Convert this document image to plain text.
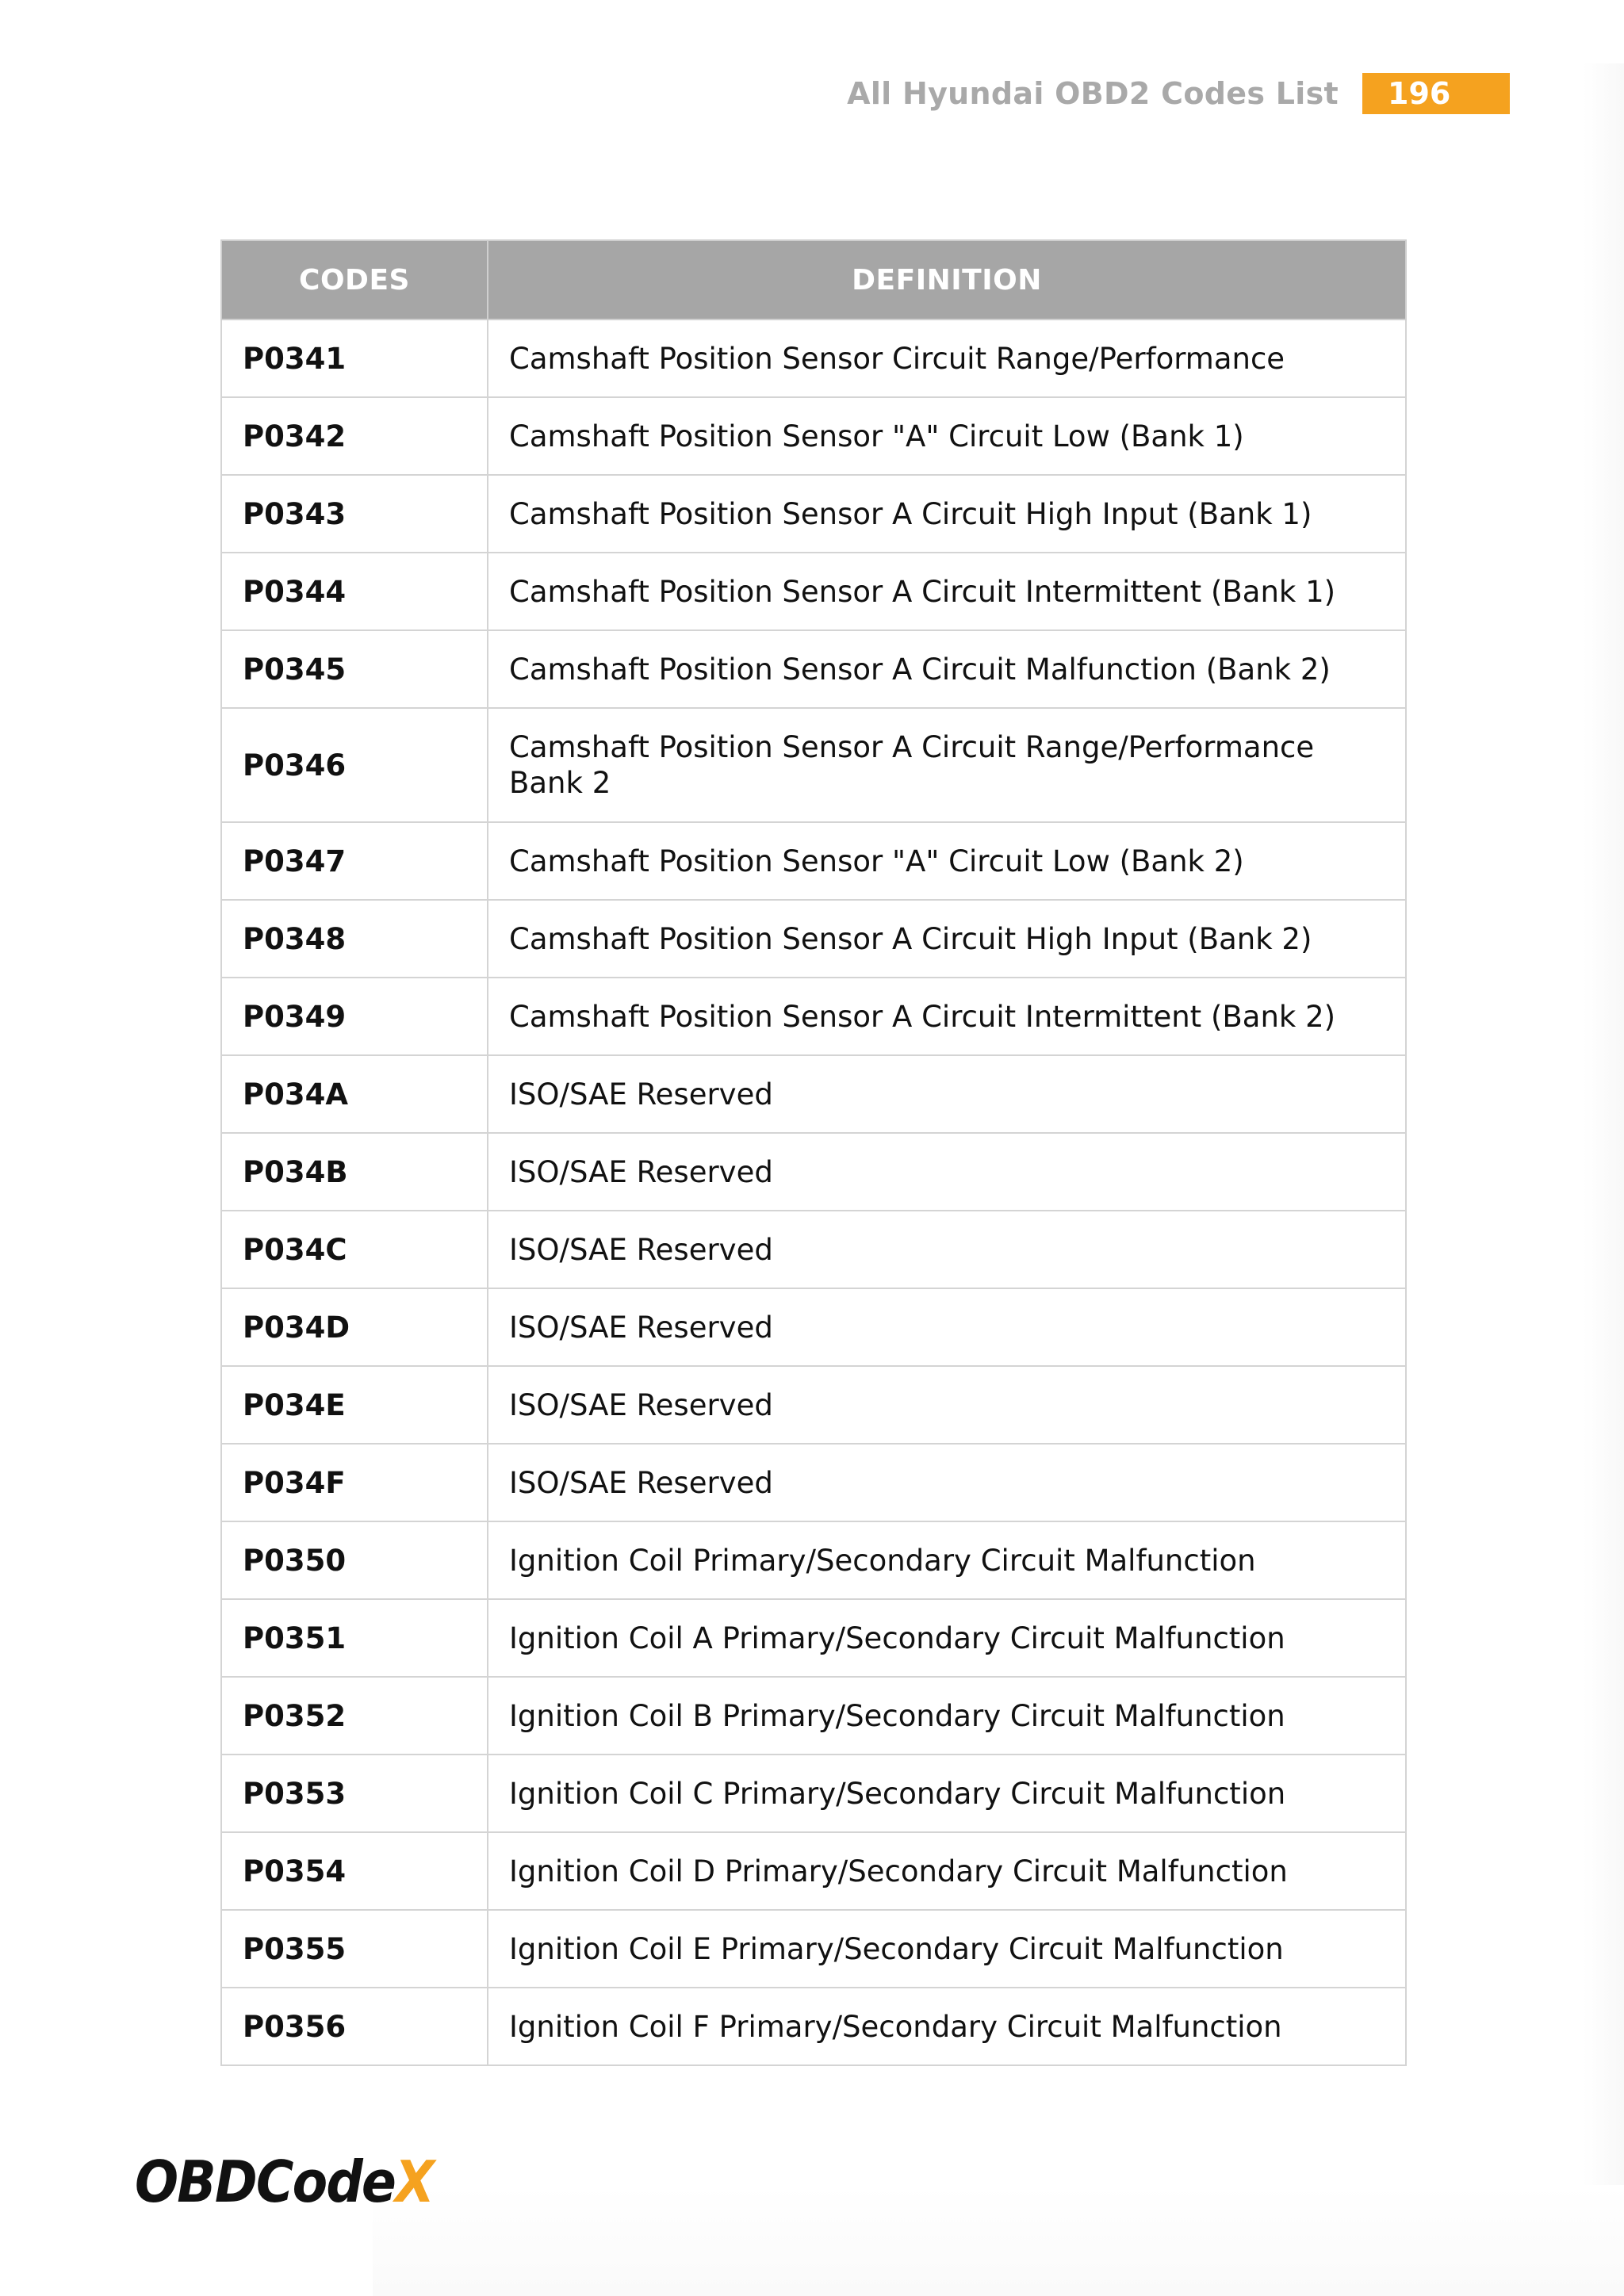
All Hyundai OBD2 Codes List	196
CODES	DEFINITION
P0341	Camshaft Position Sensor Circuit Range/Performance
P0342	Camshaft Position Sensor "A" Circuit Low (Bank 1)
P0343	Camshaft Position Sensor A Circuit High Input (Bank 1)
P0344	Camshaft Position Sensor A Circuit Intermittent (Bank 1)
P0345	Camshaft Position Sensor A Circuit Malfunction (Bank 2)
P0346	Camshaft Position Sensor A Circuit Range/Performance Bank 2
P0347	Camshaft Position Sensor "A" Circuit Low (Bank 2)
P0348	Camshaft Position Sensor A Circuit High Input (Bank 2)
P0349	Camshaft Position Sensor A Circuit Intermittent (Bank 2)
P034A	ISO/SAE Reserved
P034B	ISO/SAE Reserved
P034C	ISO/SAE Reserved
P034D	ISO/SAE Reserved
P034E	ISO/SAE Reserved
P034F	ISO/SAE Reserved
P0350	Ignition Coil Primary/Secondary Circuit Malfunction
P0351	Ignition Coil A Primary/Secondary Circuit Malfunction
P0352	Ignition Coil B Primary/Secondary Circuit Malfunction
P0353	Ignition Coil C Primary/Secondary Circuit Malfunction
P0354	Ignition Coil D Primary/Secondary Circuit Malfunction
P0355	Ignition Coil E Primary/Secondary Circuit Malfunction
P0356	Ignition Coil F Primary/Secondary Circuit Malfunction
OBDCodeX
